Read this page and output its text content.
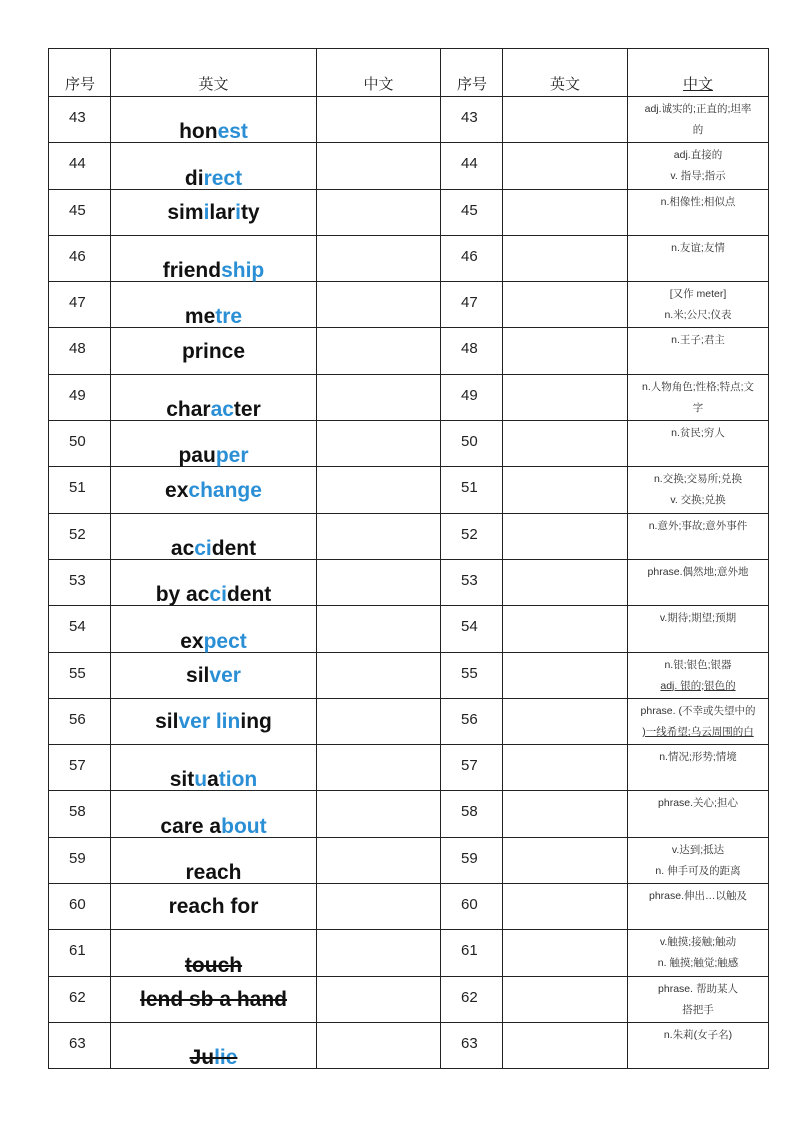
序号	英文	中文	序号	英文	中文
43	honest		43		adj.诚实的;正直的;坦率
的

44	direct		44		adj.直接的
v. 指导;指示

45	similarity		45		n.相像性;相似点

46	friendship		46		n.友谊;友情

47	metre		47		[又作 meter]
n.米;公尺;仪表

48	prince		48		n.王子;君主

49	character		49		n.人物角色;性格;特点;文
字

50	pauper		50		n.贫民;穷人

51	exchange		51		n.交换;交易所;兑换
v. 交换;兑换

52	accident		52		n.意外;事故;意外事件

53	by accident		53		phrase.偶然地;意外地

54	expect		54		v.期待;期望;预期

55	silver		55		n.银;银色;银器
adj. 银的;银色的

56	silver lining		56		phrase. (不幸或失望中的
)一线希望;乌云周围的白

57	situation		57		n.情况;形势;情境

58	care about		58		phrase.关心;担心

59	reach		59		v.达到;抵达
n. 伸手可及的距离

60	reach for		60		phrase.伸出…以触及

61	touch		61		v.触摸;接触;触动
n. 触摸;触觉;触感

62	lend sb a hand		62		phrase. 帮助某人
搭把手

63	Julie		63		n.朱莉(女子名)
